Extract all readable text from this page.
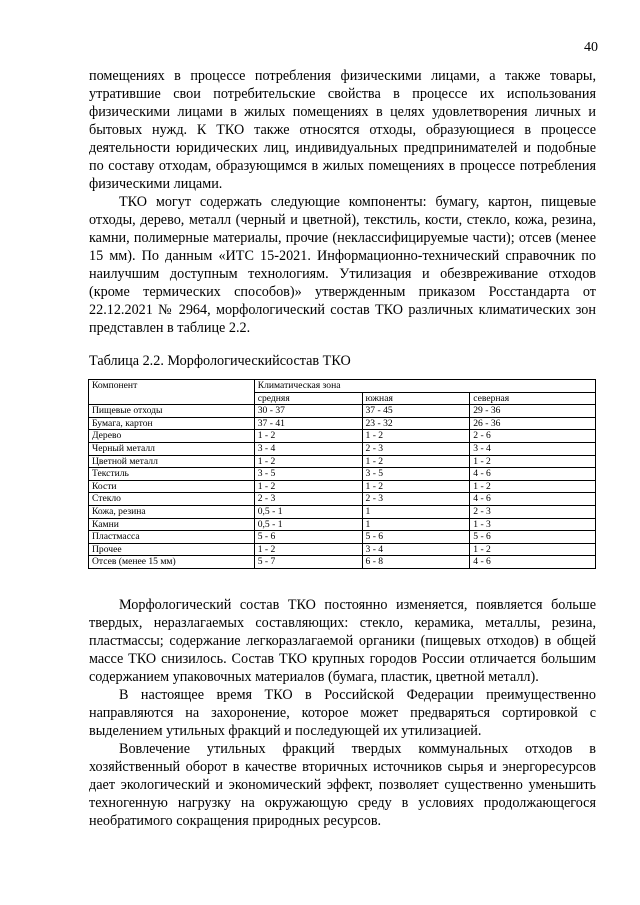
40

помещениях в процессе потребления физическими лицами, а также товары, утратившие свои потребительские свойства в процессе их использования физическими лицами в жилых помещениях в целях удовлетворения личных и бытовых нужд. К ТКО также относятся отходы, образующиеся в процессе деятельности юридических лиц, индивидуальных предпринимателей и подобные по составу отходам, образующимся в жилых помещениях в процессе потребления физическими лицами.

ТКО могут содержать следующие компоненты: бумагу, картон, пищевые отходы, дерево, металл (черный и цветной), текстиль, кости, стекло, кожа, резина, камни, полимерные материалы, прочие (неклассифицируемые части); отсев (менее 15 мм). По данным «ИТС 15-2021. Информационно-технический справочник по наилучшим доступным технологиям. Утилизация и обезвреживание отходов (кроме термических способов)» утвержденным приказом Росстандарта от 22.12.2021 № 2964, морфологический состав ТКО различных климатических зон представлен в таблице 2.2.

Таблица 2.2. Морфологическийсостав ТКО
Компонент	Климатическая зона		
	средняя	южная	северная
Пищевые отходы	30 - 37	37 - 45	29 - 36
Бумага, картон	37 - 41	23 - 32	26 - 36
Дерево	1 - 2	1 - 2	2 - 6
Черный металл	3 - 4	2 - 3	3 - 4
Цветной металл	1 - 2	1 - 2	1 - 2
Текстиль	3 - 5	3 - 5	4 - 6
Кости	1 - 2	1 - 2	1 - 2
Стекло	2 - 3	2 - 3	4 - 6
Кожа, резина	0,5 - 1	1	2 - 3
Камни	0,5 - 1	1	1 - 3
Пластмасса	5 - 6	5 - 6	5 - 6
Прочее	1 - 2	3 - 4	1 - 2
Отсев (менее 15 мм)	5 - 7	6 - 8	4 - 6

Морфологический состав ТКО постоянно изменяется, появляется больше твердых, неразлагаемых составляющих: стекло, керамика, металлы, резина, пластмассы; содержание легкоразлагаемой органики (пищевых отходов) в общей массе ТКО снизилось. Состав ТКО крупных городов России отличается большим содержанием упаковочных материалов (бумага, пластик, цветной металл).

В настоящее время ТКО в Российской Федерации преимущественно направляются на захоронение, которое может предваряться сортировкой с выделением утильных фракций и последующей их утилизацией.

Вовлечение утильных фракций твердых коммунальных отходов в хозяйственный оборот в качестве вторичных источников сырья и энергоресурсов дает экологический и экономический эффект, позволяет существенно уменьшить техногенную нагрузку на окружающую среду в условиях продолжающегося необратимого сокращения природных ресурсов.
